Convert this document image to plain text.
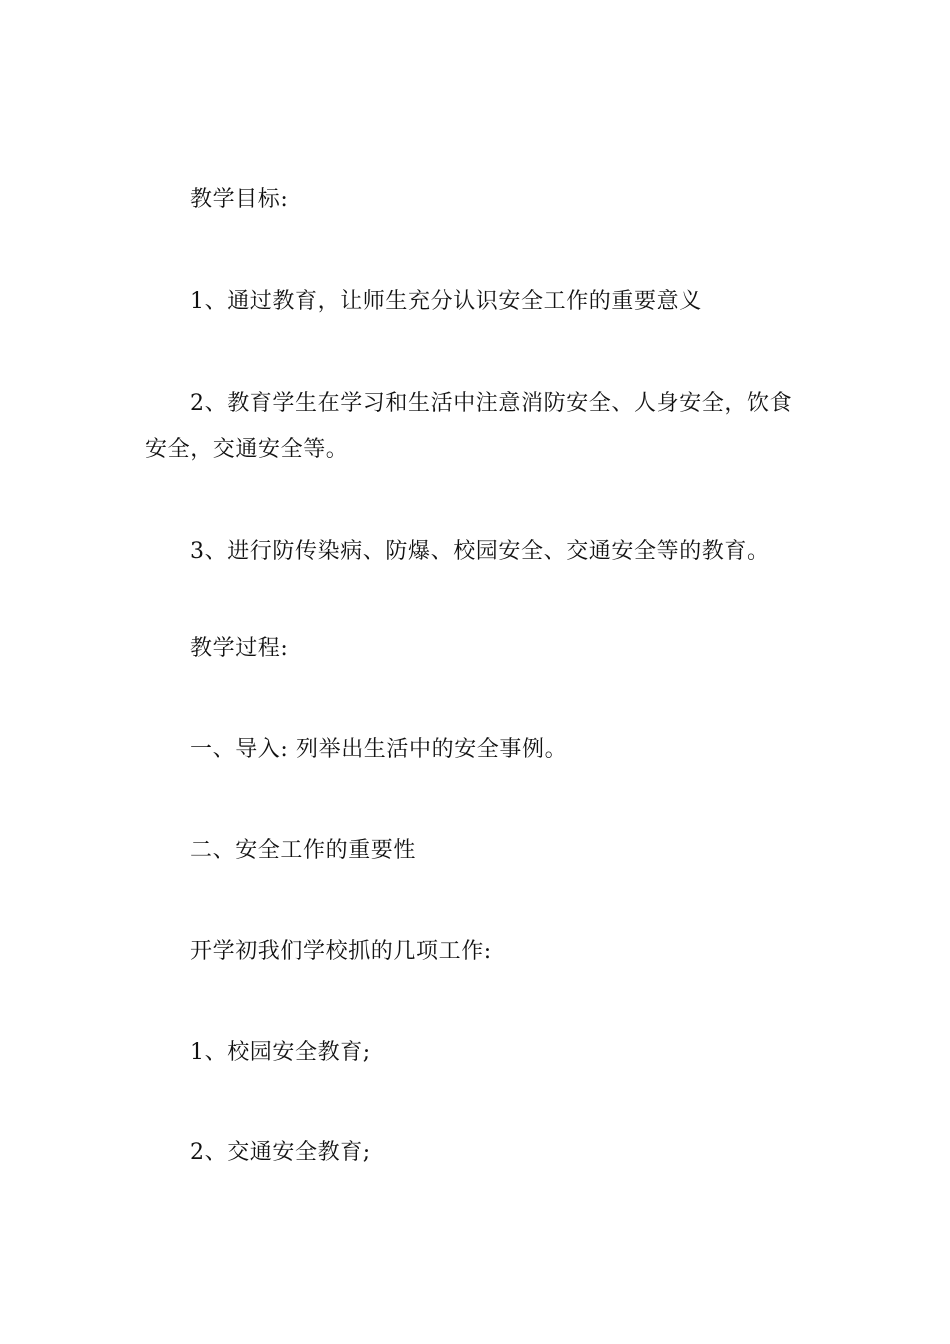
教学目标:

1、通过教育，让师生充分认识安全工作的重要意义

2、教育学生在学习和生活中注意消防安全、人身安全，饮食安全，交通安全等。

3、进行防传染病、防爆、校园安全、交通安全等的教育。

教学过程:

一、导入: 列举出生活中的安全事例。

二、安全工作的重要性

开学初我们学校抓的几项工作:

1、校园安全教育;

2、交通安全教育;
